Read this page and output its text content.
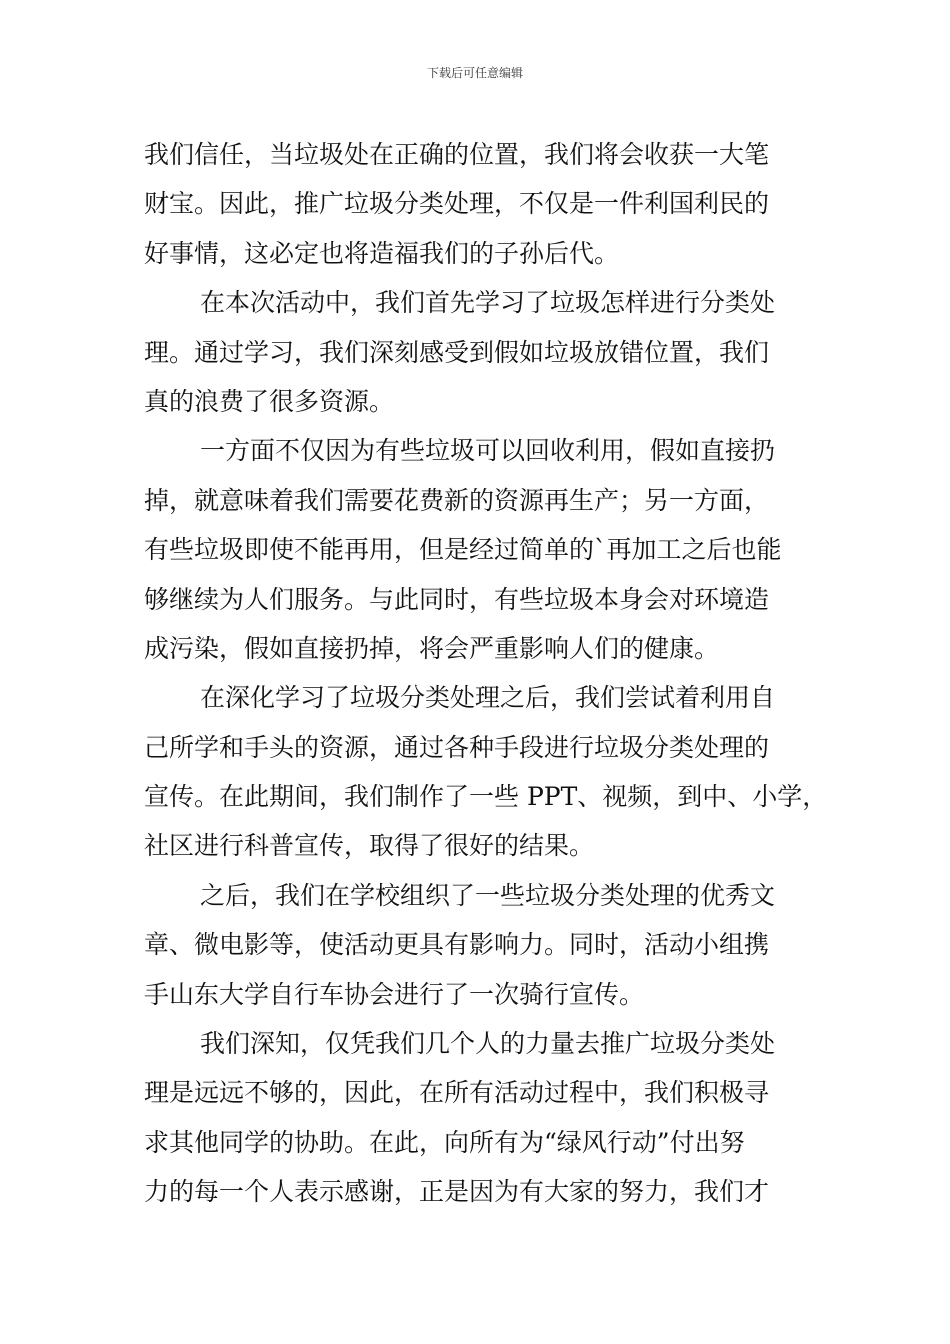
下载后可任意编辑

我们信任，当垃圾处在正确的位置，我们将会收获一大笔
财宝。因此，推广垃圾分类处理，不仅是一件利国利民的
好事情，这必定也将造福我们的子孙后代。

在本次活动中，我们首先学习了垃圾怎样进行分类处
理。通过学习，我们深刻感受到假如垃圾放错位置，我们
真的浪费了很多资源。

一方面不仅因为有些垃圾可以回收利用，假如直接扔
掉，就意味着我们需要花费新的资源再生产；另一方面，
有些垃圾即使不能再用，但是经过简单的`再加工之后也能
够继续为人们服务。与此同时，有些垃圾本身会对环境造
成污染，假如直接扔掉，将会严重影响人们的健康。

在深化学习了垃圾分类处理之后，我们尝试着利用自
己所学和手头的资源，通过各种手段进行垃圾分类处理的
宣传。在此期间，我们制作了一些 PPT、视频，到中、小学，
社区进行科普宣传，取得了很好的结果。

之后，我们在学校组织了一些垃圾分类处理的优秀文
章、微电影等，使活动更具有影响力。同时，活动小组携
手山东大学自行车协会进行了一次骑行宣传。

我们深知，仅凭我们几个人的力量去推广垃圾分类处
理是远远不够的，因此，在所有活动过程中，我们积极寻
求其他同学的协助。在此，向所有为“绿风行动”付出努
力的每一个人表示感谢，正是因为有大家的努力，我们才
